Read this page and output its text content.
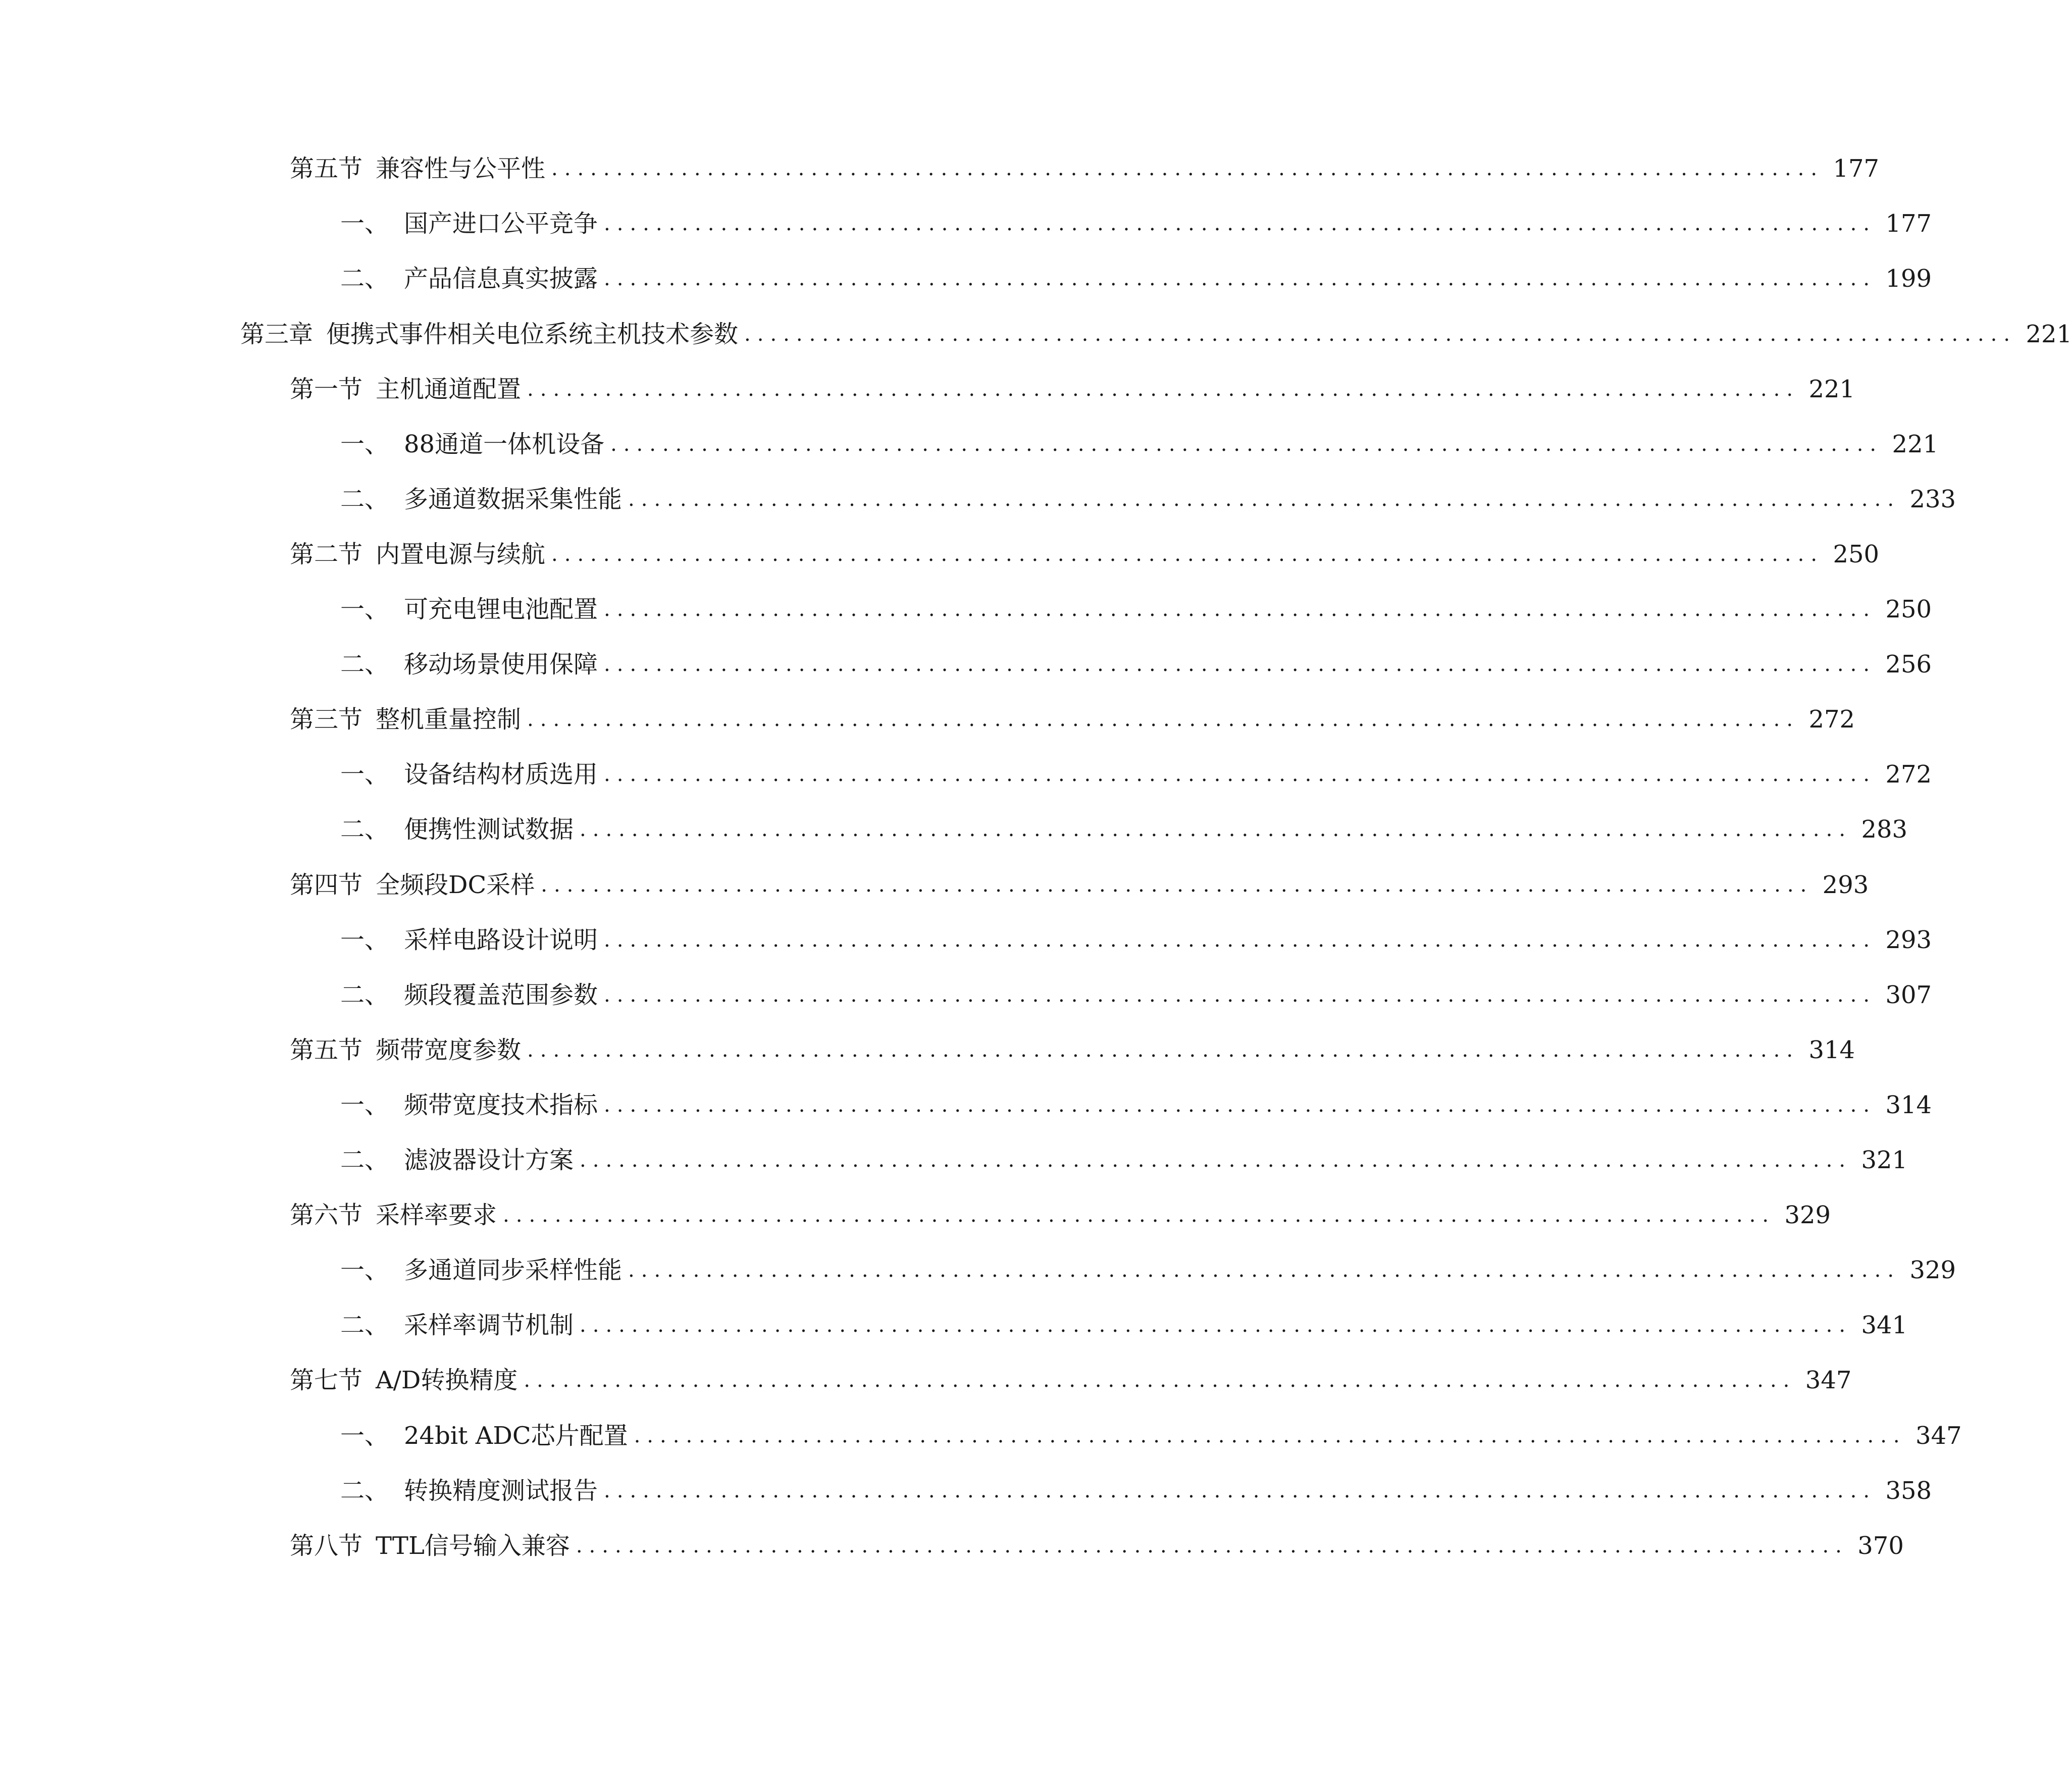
第五节 兼容性与公平性 .................................................................................................. 177
一、 国产进口公平竞争 .................................................................................................. 177
二、 产品信息真实披露 .................................................................................................. 199
第三章 便携式事件相关电位系统主机技术参数 .................................................................................................. 221
第一节 主机通道配置 .................................................................................................. 221
一、 88通道一体机设备 .................................................................................................. 221
二、 多通道数据采集性能 .................................................................................................. 233
第二节 内置电源与续航 .................................................................................................. 250
一、 可充电锂电池配置 .................................................................................................. 250
二、 移动场景使用保障 .................................................................................................. 256
第三节 整机重量控制 .................................................................................................. 272
一、 设备结构材质选用 .................................................................................................. 272
二、 便携性测试数据 .................................................................................................. 283
第四节 全频段DC采样 .................................................................................................. 293
一、 采样电路设计说明 .................................................................................................. 293
二、 频段覆盖范围参数 .................................................................................................. 307
第五节 频带宽度参数 .................................................................................................. 314
一、 频带宽度技术指标 .................................................................................................. 314
二、 滤波器设计方案 .................................................................................................. 321
第六节 采样率要求 .................................................................................................. 329
一、 多通道同步采样性能 .................................................................................................. 329
二、 采样率调节机制 .................................................................................................. 341
第七节 A/D转换精度 .................................................................................................. 347
一、 24bit ADC芯片配置 .................................................................................................. 347
二、 转换精度测试报告 .................................................................................................. 358
第八节 TTL信号输入兼容 .................................................................................................. 370
